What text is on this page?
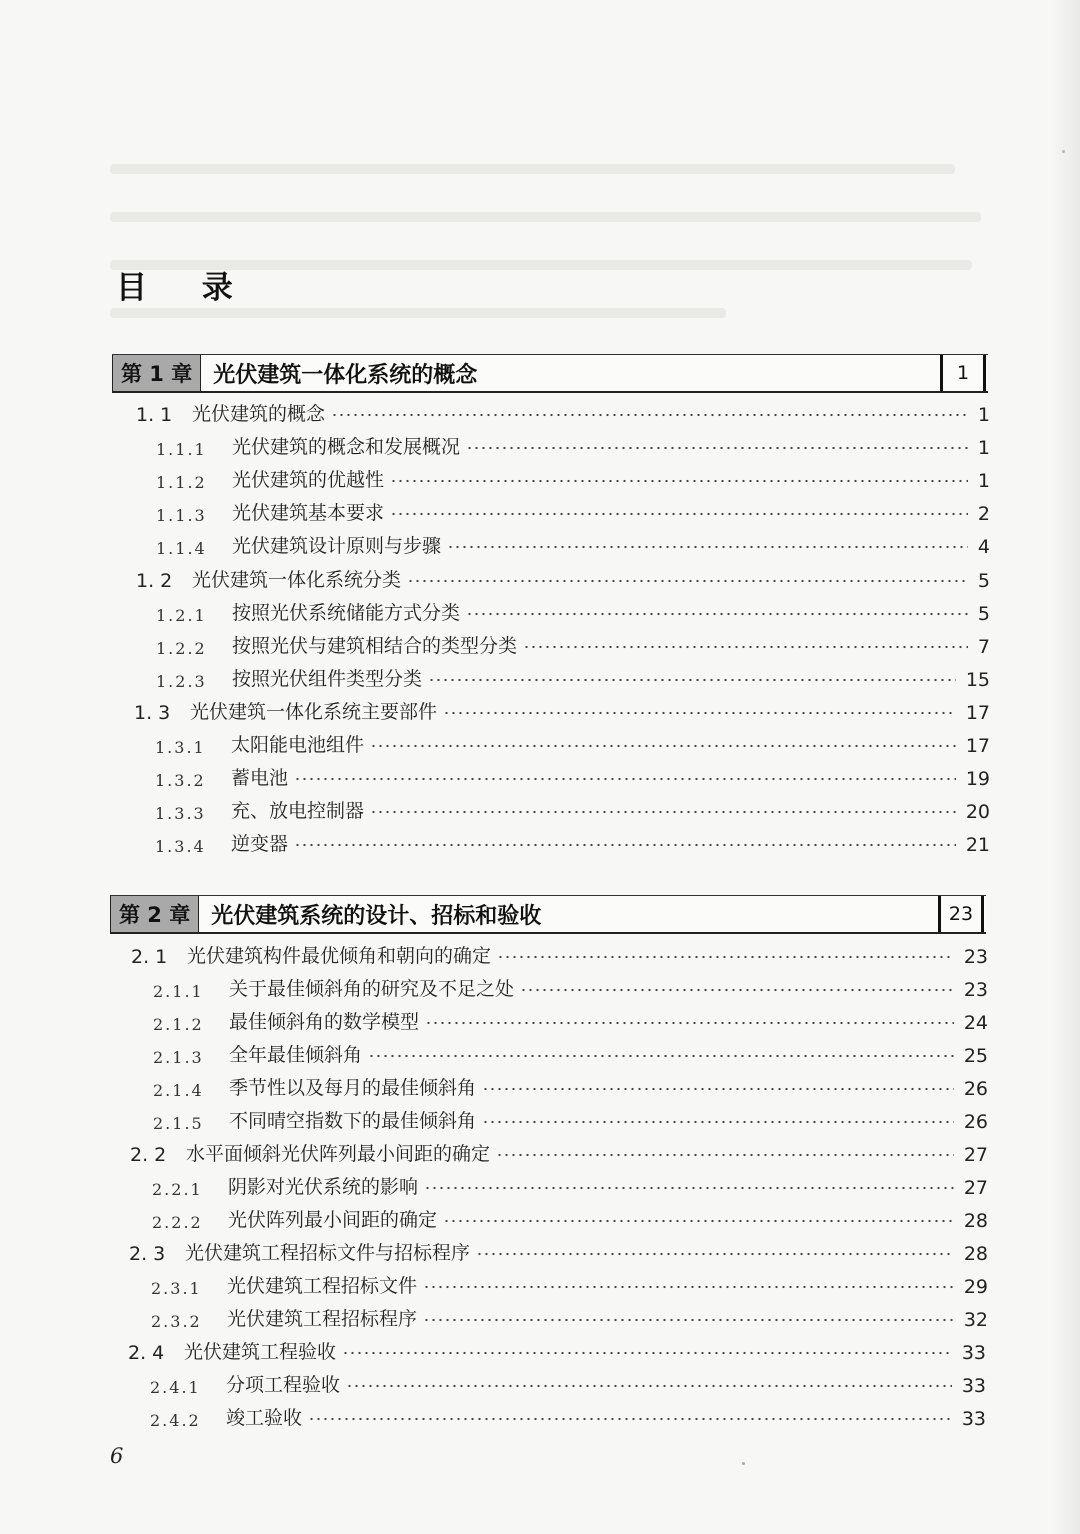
目 录
第 1 章 光伏建筑一体化系统的概念	1
1. 1	光伏建筑的概念	1
1.1.1	光伏建筑的概念和发展概况	1
1.1.2	光伏建筑的优越性	1
1.1.3	光伏建筑基本要求	2
1.1.4	光伏建筑设计原则与步骤	4
1. 2	光伏建筑一体化系统分类	5
1.2.1	按照光伏系统储能方式分类	5
1.2.2	按照光伏与建筑相结合的类型分类	7
1.2.3	按照光伏组件类型分类	15
1. 3	光伏建筑一体化系统主要部件	17
1.3.1	太阳能电池组件	17
1.3.2	蓄电池	19
1.3.3	充、放电控制器	20
1.3.4	逆变器	21
第 2 章 光伏建筑系统的设计、招标和验收	23
2. 1	光伏建筑构件最优倾角和朝向的确定	23
2.1.1	关于最佳倾斜角的研究及不足之处	23
2.1.2	最佳倾斜角的数学模型	24
2.1.3	全年最佳倾斜角	25
2.1.4	季节性以及每月的最佳倾斜角	26
2.1.5	不同晴空指数下的最佳倾斜角	26
2. 2	水平面倾斜光伏阵列最小间距的确定	27
2.2.1	阴影对光伏系统的影响	27
2.2.2	光伏阵列最小间距的确定	28
2. 3	光伏建筑工程招标文件与招标程序	28
2.3.1	光伏建筑工程招标文件	29
2.3.2	光伏建筑工程招标程序	32
2. 4	光伏建筑工程验收	33
2.4.1	分项工程验收	33
2.4.2	竣工验收	33
6
